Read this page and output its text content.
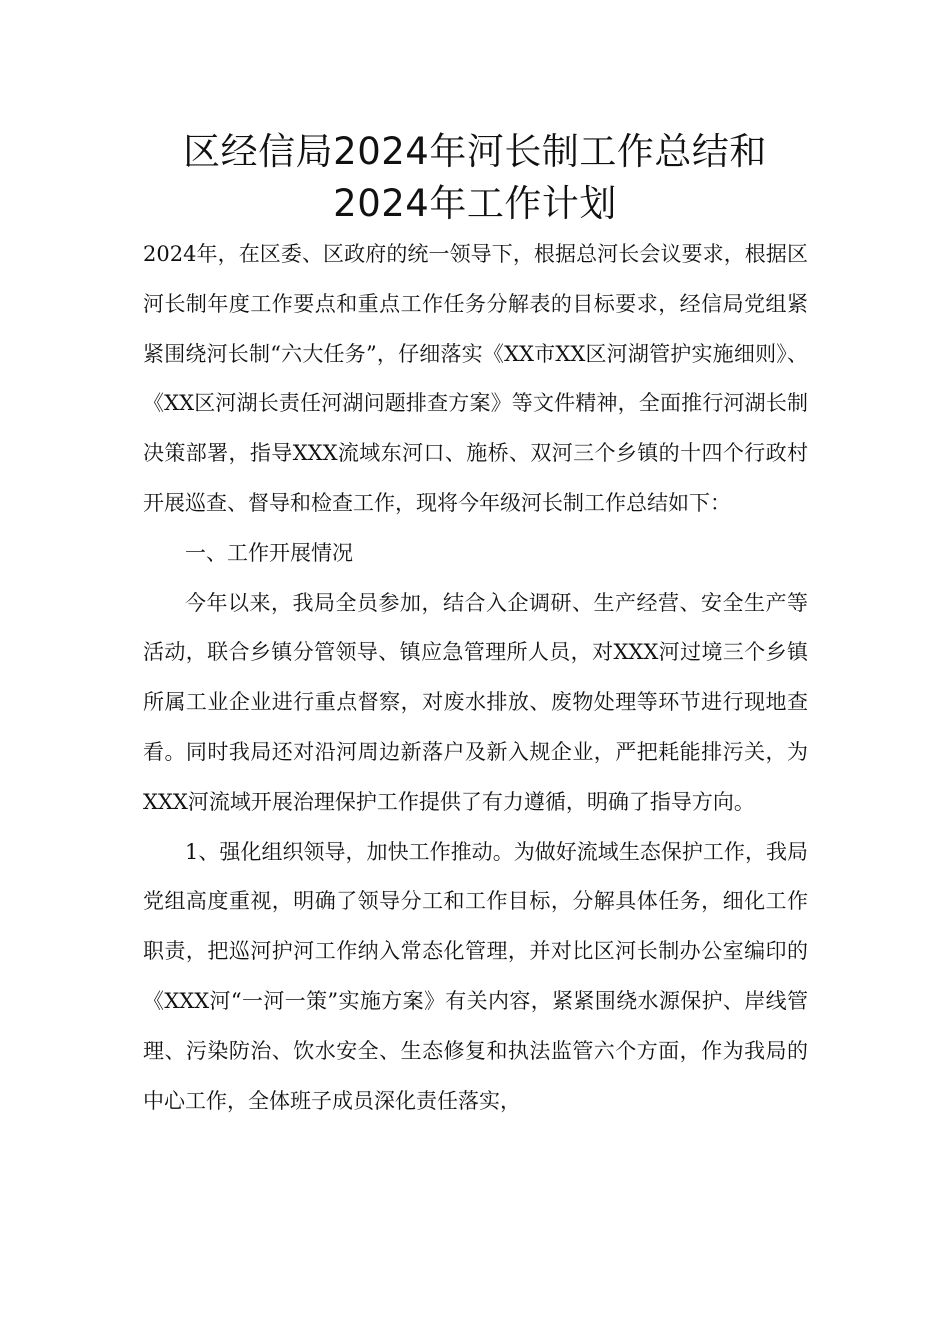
区经信局2024年河长制工作总结和
2024年工作计划

2024年，在区委、区政府的统一领导下，根据总河长会议要求，根据区河长制年度工作要点和重点工作任务分解表的目标要求，经信局党组紧紧围绕河长制“六大任务”，仔细落实《XX市XX区河湖管护实施细则》、《XX区河湖长责任河湖问题排查方案》等文件精神，全面推行河湖长制决策部署，指导XXX流域东河口、施桥、双河三个乡镇的十四个行政村开展巡查、督导和检查工作，现将今年级河长制工作总结如下：

一、工作开展情况

今年以来，我局全员参加，结合入企调研、生产经营、安全生产等活动，联合乡镇分管领导、镇应急管理所人员，对XXX河过境三个乡镇所属工业企业进行重点督察，对废水排放、废物处理等环节进行现地查看。同时我局还对沿河周边新落户及新入规企业，严把耗能排污关，为XXX河流域开展治理保护工作提供了有力遵循，明确了指导方向。

1、强化组织领导，加快工作推动。为做好流域生态保护工作，我局党组高度重视，明确了领导分工和工作目标，分解具体任务，细化工作职责，把巡河护河工作纳入常态化管理，并对比区河长制办公室编印的《XXX河“一河一策”实施方案》有关内容，紧紧围绕水源保护、岸线管理、污染防治、饮水安全、生态修复和执法监管六个方面，作为我局的中心工作，全体班子成员深化责任落实，
